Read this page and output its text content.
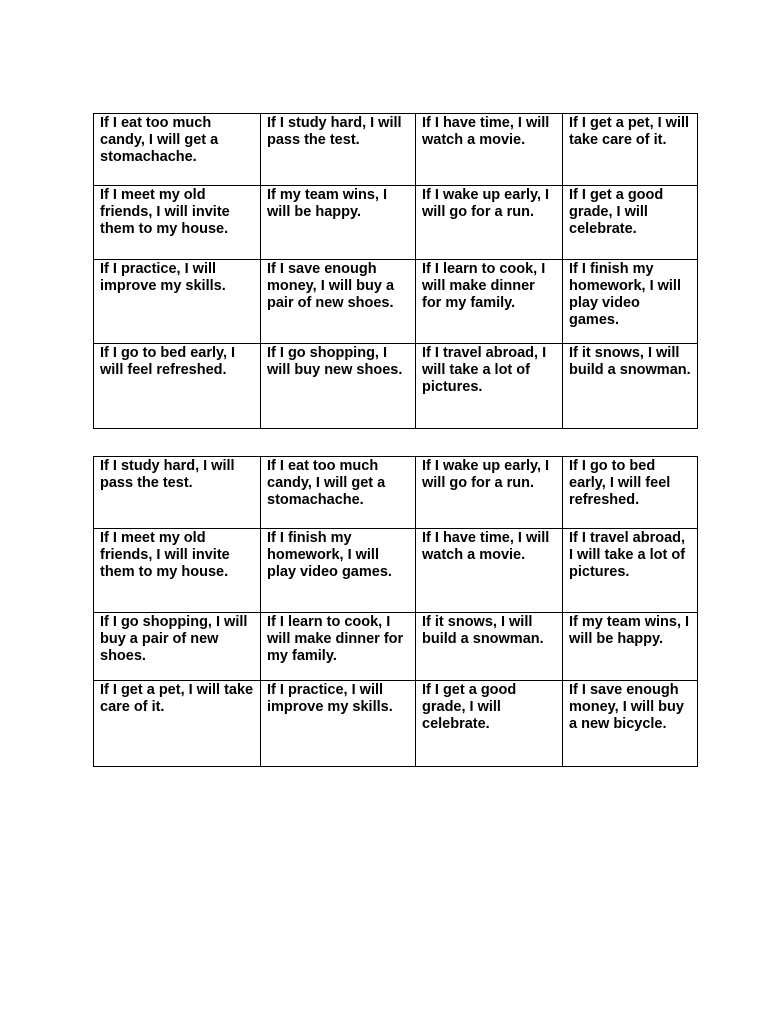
If I eat too much candy, I will get a stomachache.	If I study hard, I will pass the test.	If I have time, I will watch a movie.	If I get a pet, I will take care of it.
If I meet my old friends, I will invite them to my house.	If my team wins, I will be happy.	If I wake up early, I will go for a run.	If I get a good grade, I will celebrate.
If I practice, I will improve my skills.	If I save enough money, I will buy a pair of new shoes.	If I learn to cook, I will make dinner for my family.	If I finish my homework, I will play video games.
If I go to bed early, I will feel refreshed.	If I go shopping, I will buy new shoes.	If I travel abroad, I will take a lot of pictures.	If it snows, I will build a snowman.
If I study hard, I will pass the test.	If I eat too much candy, I will get a stomachache.	If I wake up early, I will go for a run.	If I go to bed early, I will feel refreshed.
If I meet my old friends, I will invite them to my house.	If I finish my homework, I will play video games.	If I have time, I will watch a movie.	If I travel abroad, I will take a lot of pictures.
If I go shopping, I will buy a pair of new shoes.	If I learn to cook, I will make dinner for my family.	If it snows, I will build a snowman.	If my team wins, I will be happy.
If I get a pet, I will take care of it.	If I practice, I will improve my skills.	If I get a good grade, I will celebrate.	If I save enough money, I will buy a new bicycle.
